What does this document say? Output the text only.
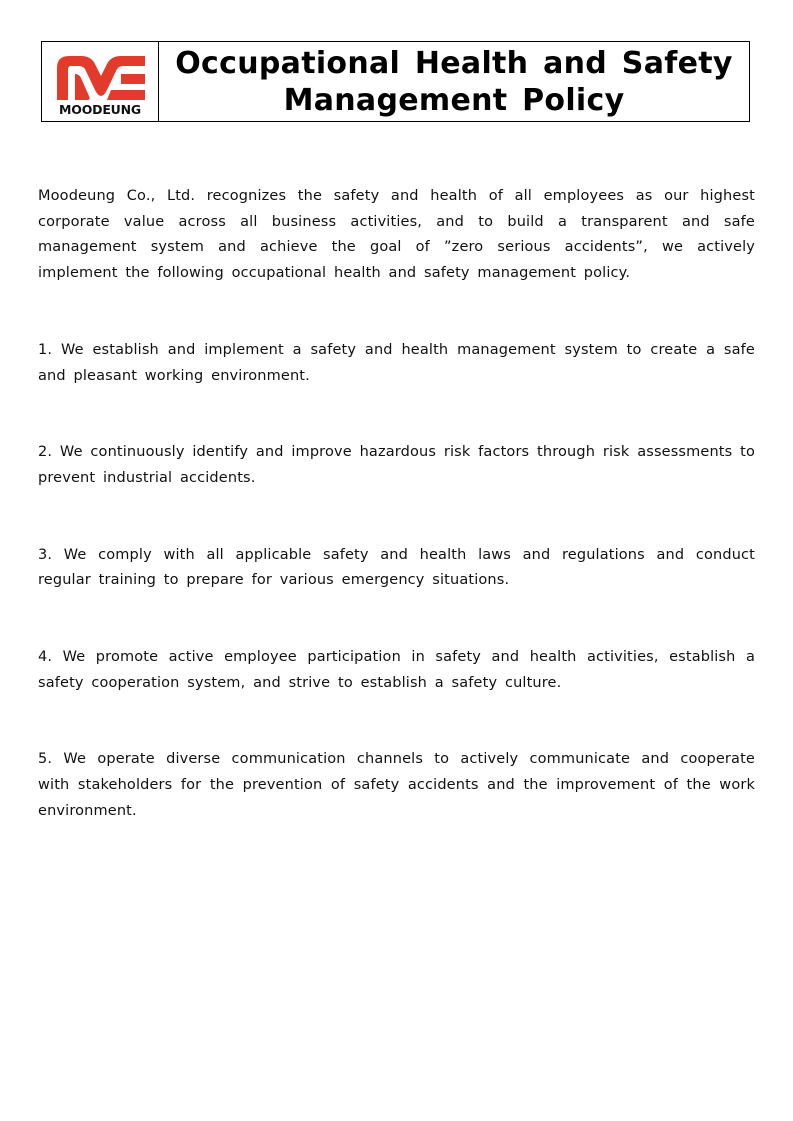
MOODEUNG
Occupational Health and Safety
Management Policy

Moodeung Co., Ltd. recognizes the safety and health of all employees as our highest corporate value across all business activities, and to build a transparent and safe management system and achieve the goal of ”zero serious accidents”, we actively implement the following occupational health and safety management policy.

1. We establish and implement a safety and health management system to create a safe and pleasant working environment.

2. We continuously identify and improve hazardous risk factors through risk assessments to prevent industrial accidents.

3. We comply with all applicable safety and health laws and regulations and conduct regular training to prepare for various emergency situations.

4. We promote active employee participation in safety and health activities, establish a safety cooperation system, and strive to establish a safety culture.

5. We operate diverse communication channels to actively communicate and cooperate with stakeholders for the prevention of safety accidents and the improvement of the work environment.
